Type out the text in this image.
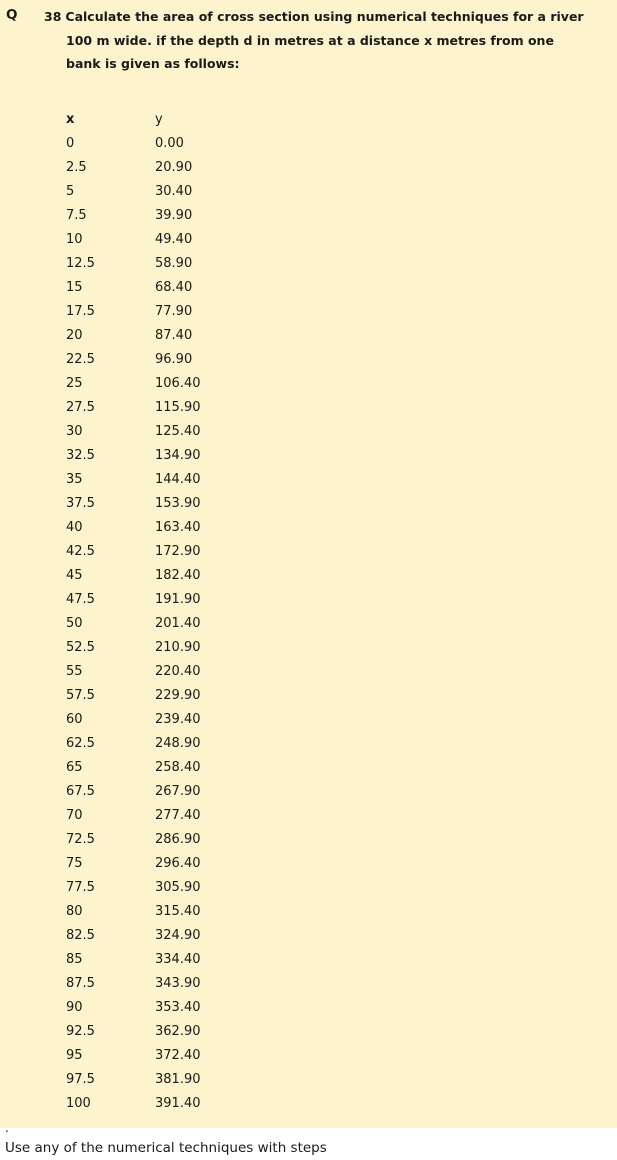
Q 38 Calculate the area of cross section using numerical techniques for a river
100 m wide. if the depth d in metres at a distance x metres from one
bank is given as follows:
x	y
0	0.00
2.5	20.90
5	30.40
7.5	39.90
10	49.40
12.5	58.90
15	68.40
17.5	77.90
20	87.40
22.5	96.90
25	106.40
27.5	115.90
30	125.40
32.5	134.90
35	144.40
37.5	153.90
40	163.40
42.5	172.90
45	182.40
47.5	191.90
50	201.40
52.5	210.90
55	220.40
57.5	229.90
60	239.40
62.5	248.90
65	258.40
67.5	267.90
70	277.40
72.5	286.90
75	296.40
77.5	305.90
80	315.40
82.5	324.90
85	334.40
87.5	343.90
90	353.40
92.5	362.90
95	372.40
97.5	381.90
100	391.40
.

Use any of the numerical techniques with steps
